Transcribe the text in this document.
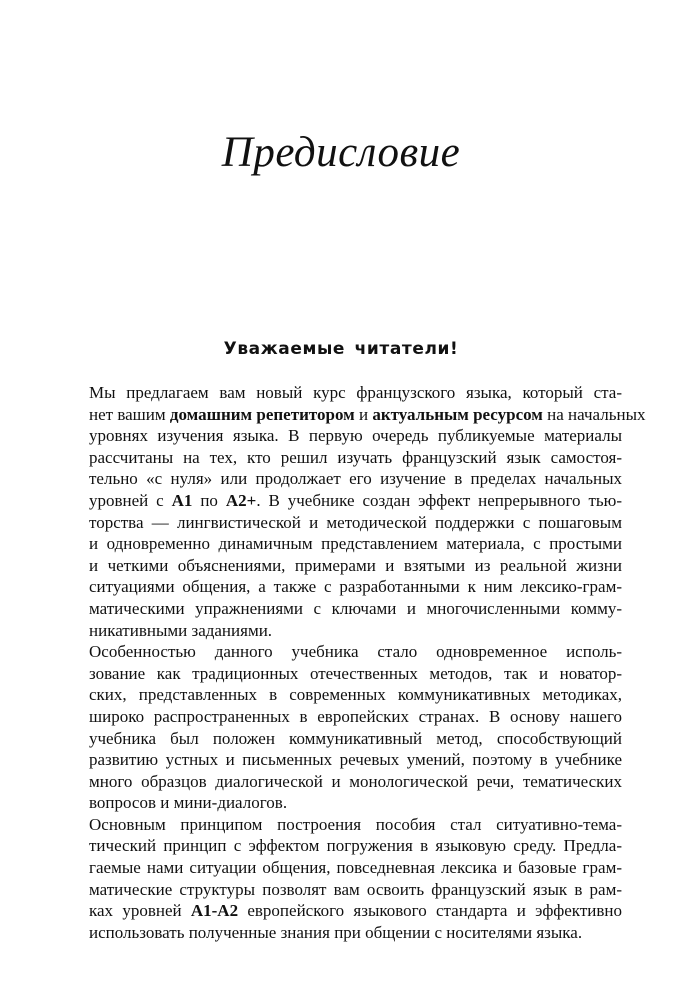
Предисловие
Уважаемые читатели!
Мы предлагаем вам новый курс французского языка, который ста-
нет вашим домашним репетитором и актуальным ресурсом на начальных
уровнях изучения языка. В первую очередь публикуемые материалы
рассчитаны на тех, кто решил изучать французский язык самостоя-
тельно «с нуля» или продолжает его изучение в пределах начальных
уровней с A1 по A2+. В учебнике создан эффект непрерывного тью-
торства — лингвистической и методической поддержки с пошаговым
и одновременно динамичным представлением материала, с простыми
и четкими объяснениями, примерами и взятыми из реальной жизни
ситуациями общения, а также с разработанными к ним лексико-грам-
матическими упражнениями с ключами и многочисленными комму-
никативными заданиями.
Особенностью данного учебника стало одновременное исполь-
зование как традиционных отечественных методов, так и новатор-
ских, представленных в современных коммуникативных методиках,
широко распространенных в европейских странах. В основу нашего
учебника был положен коммуникативный метод, способствующий
развитию устных и письменных речевых умений, поэтому в учебнике
много образцов диалогической и монологической речи, тематических
вопросов и мини-диалогов.
Основным принципом построения пособия стал ситуативно-тема-
тический принцип с эффектом погружения в языковую среду. Предла-
гаемые нами ситуации общения, повседневная лексика и базовые грам-
матические структуры позволят вам освоить французский язык в рам-
ках уровней A1-A2 европейского языкового стандарта и эффективно
использовать полученные знания при общении с носителями языка.
